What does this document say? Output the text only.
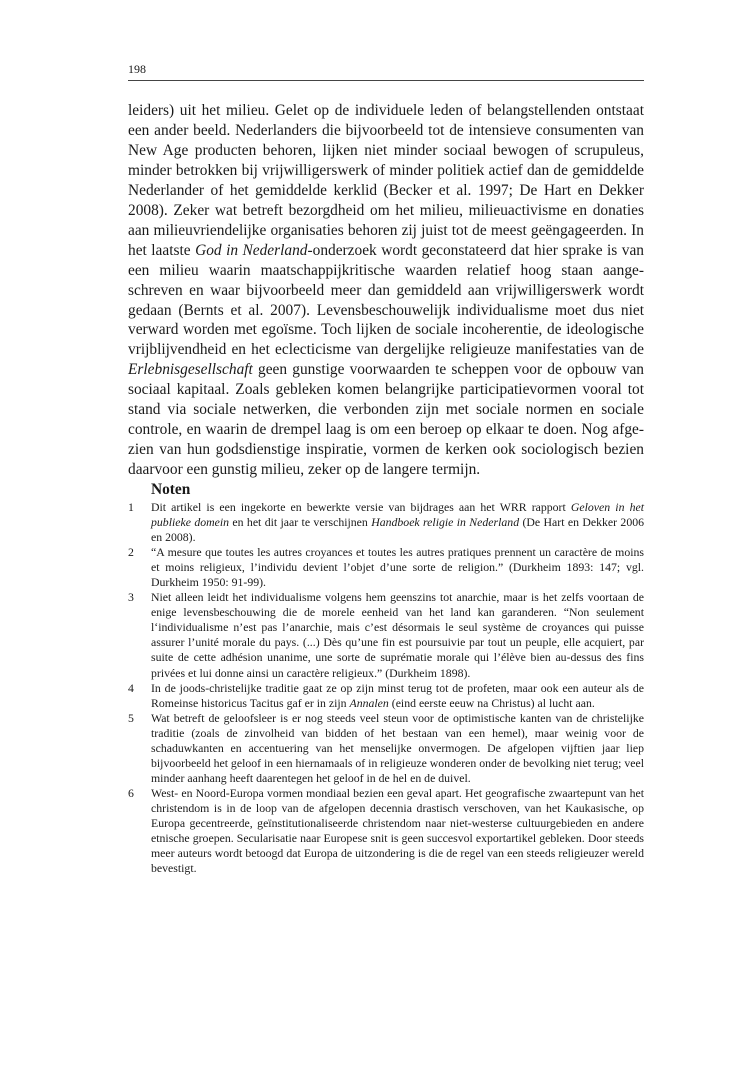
198

leiders) uit het milieu. Gelet op de individuele leden of belangstellenden ontstaat een ander beeld. Nederlanders die bijvoorbeeld tot de intensieve consumenten van New Age producten behoren, lijken niet minder sociaal bewogen of scrupuleus, minder betrokken bij vrijwilligerswerk of minder politiek actief dan de gemiddelde Nederlander of het gemiddelde kerklid (Becker et al. 1997; De Hart en Dekker 2008). Zeker wat betreft bezorgdheid om het milieu, milieuactivisme en donaties aan milieuvriendelijke organisaties behoren zij juist tot de meest geëngageerden. In het laatste God in Nederland-onderzoek wordt geconstateerd dat hier sprake is van een milieu waarin maatschappijkritische waarden relatief hoog staan aangeschreven en waar bijvoorbeeld meer dan gemiddeld aan vrijwilligerswerk wordt gedaan (Bernts et al. 2007). Levensbeschouwelijk individualisme moet dus niet verward worden met egoïsme. Toch lijken de sociale incoherentie, de ideologische vrijblijvendheid en het eclecticisme van dergelijke religieuze manifestaties van de Erlebnisgesellschaft geen gunstige voorwaarden te scheppen voor de opbouw van sociaal kapitaal. Zoals gebleken komen belangrijke participatievormen vooral tot stand via sociale netwerken, die verbonden zijn met sociale normen en sociale controle, en waarin de drempel laag is om een beroep op elkaar te doen. Nog afgezien van hun godsdienstige inspiratie, vormen de kerken ook sociologisch bezien daarvoor een gunstig milieu, zeker op de langere termijn.

Noten
1 Dit artikel is een ingekorte en bewerkte versie van bijdrages aan het WRR rapport Geloven in het publieke domein en het dit jaar te verschijnen Handboek religie in Nederland (De Hart en Dekker 2006 en 2008).
2 “A mesure que toutes les autres croyances et toutes les autres pratiques prennent un caractère de moins et moins religieux, l’individu devient l’objet d’une sorte de religion.” (Durkheim 1893: 147; vgl. Durkheim 1950: 91-99).
3 Niet alleen leidt het individualisme volgens hem geenszins tot anarchie, maar is het zelfs voortaan de enige levensbeschouwing die de morele eenheid van het land kan garanderen. “Non seulement l‘individualisme n’est pas l’anarchie, mais c’est désormais le seul système de croyances qui puisse assurer l’unité morale du pays. (...) Dès qu’une fin est poursuivie par tout un peuple, elle acquiert, par suite de cette adhésion unanime, une sorte de suprématie morale qui l’élève bien au-dessus des fins privées et lui donne ainsi un caractère religieux.” (Durkheim 1898).
4 In de joods-christelijke traditie gaat ze op zijn minst terug tot de profeten, maar ook een auteur als de Romeinse historicus Tacitus gaf er in zijn Annalen (eind eerste eeuw na Christus) al lucht aan.
5 Wat betreft de geloofsleer is er nog steeds veel steun voor de optimistische kanten van de christelijke traditie (zoals de zinvolheid van bidden of het bestaan van een hemel), maar weinig voor de schaduwkanten en accentuering van het menselijke onvermogen. De afgelopen vijftien jaar liep bijvoorbeeld het geloof in een hiernamaals of in religieuze wonderen onder de bevolking niet terug; veel minder aanhang heeft daarentegen het geloof in de hel en de duivel.
6 West- en Noord-Europa vormen mondiaal bezien een geval apart. Het geografische zwaartepunt van het christendom is in de loop van de afgelopen decennia drastisch verschoven, van het Kaukasische, op Europa gecentreerde, geïnstitutionaliseerde christendom naar niet-westerse cultuurgebieden en andere etnische groepen. Secularisatie naar Europese snit is geen succesvol exportartikel gebleken. Door steeds meer auteurs wordt betoogd dat Europa de uitzondering is die de regel van een steeds religieuzer wereld bevestigt.
